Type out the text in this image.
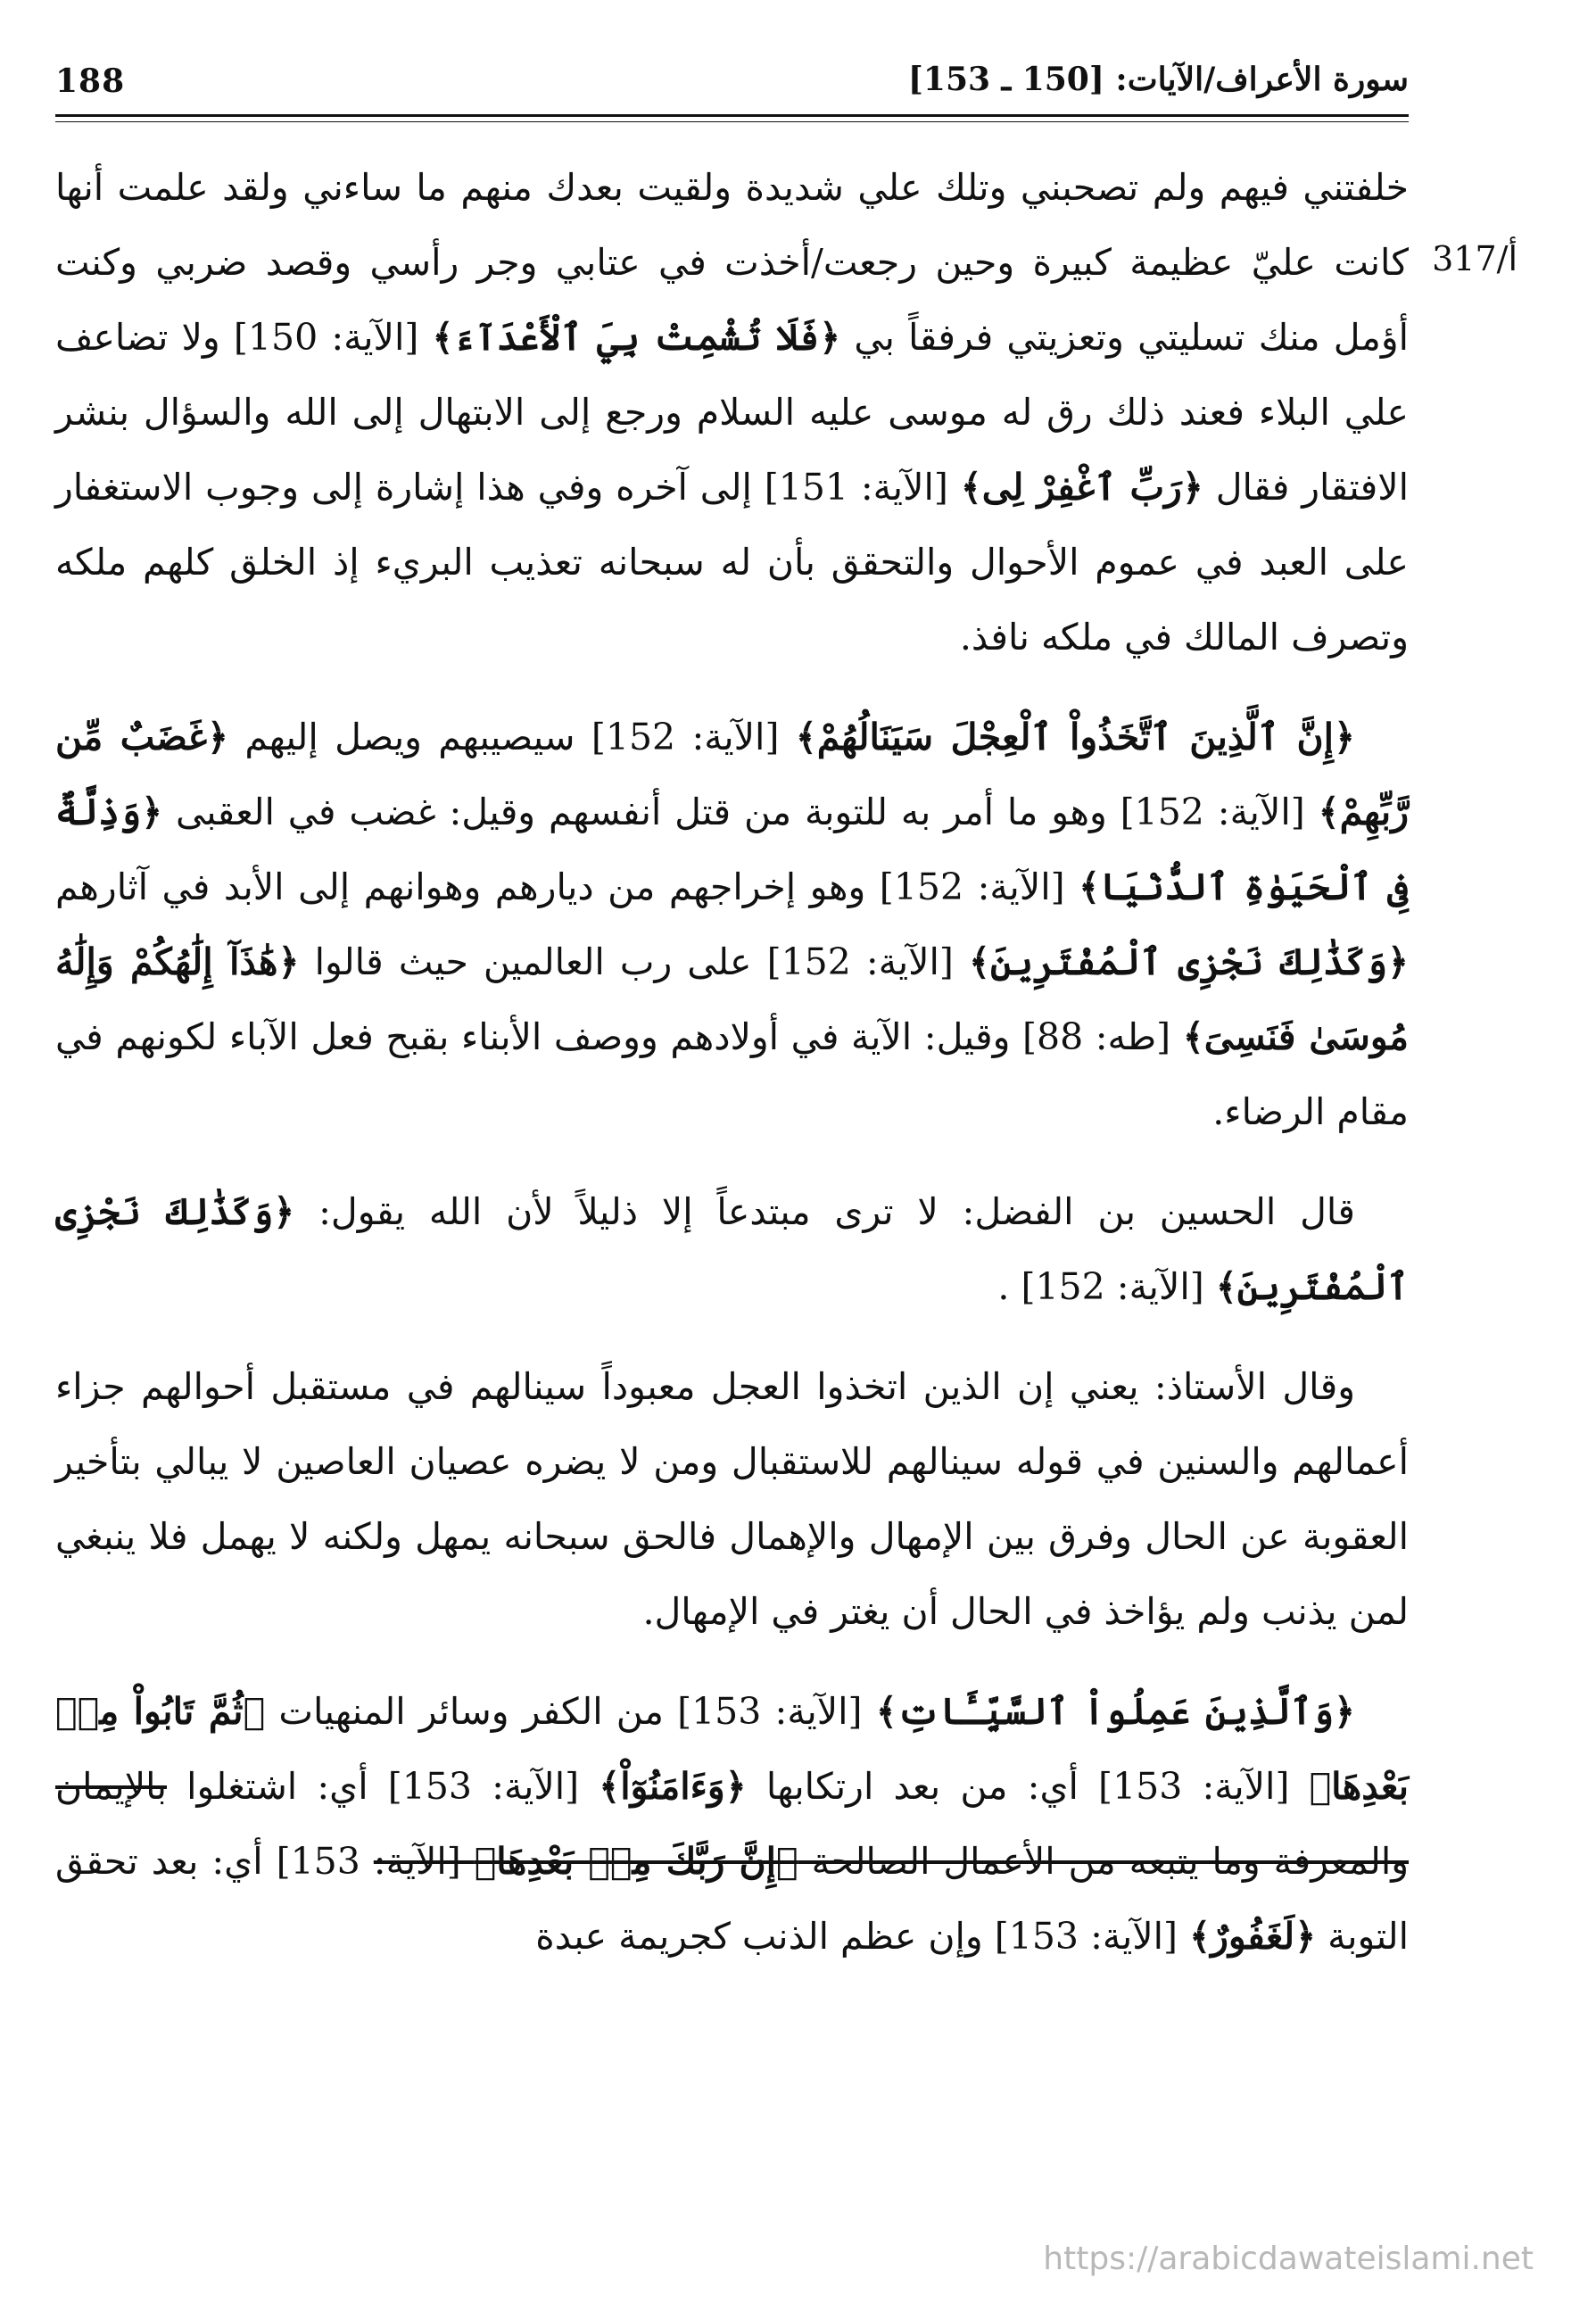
188	سورة الأعراف/الآيات: [150 ـ 153]
317/أ

خلفتني فيهم ولم تصحبني وتلك علي شديدة ولقيت بعدك منهم ما ساءني ولقد علمت أنها كانت عليّ عظيمة كبيرة وحين رجعت/أخذت في عتابي وجر رأسي وقصد ضربي وكنت أؤمل منك تسليتي وتعزيتي فرفقاً بي ﴿فَلَا تُشْمِتْ بِيَ ٱلْأَعْدَآءَ﴾ [الآية: 150] ولا تضاعف علي البلاء فعند ذلك رق له موسى عليه السلام ورجع إلى الابتهال إلى الله والسؤال بنشر الافتقار فقال ﴿رَبِّ ٱغْفِرْ لِى﴾ [الآية: 151] إلى آخره وفي هذا إشارة إلى وجوب الاستغفار على العبد في عموم الأحوال والتحقق بأن له سبحانه تعذيب البريء إذ الخلق كلهم ملكه وتصرف المالك في ملكه نافذ.

﴿إِنَّ ٱلَّذِينَ ٱتَّخَذُواْ ٱلْعِجْلَ سَيَنَالُهُمْ﴾ [الآية: 152] سيصيبهم ويصل إليهم ﴿غَضَبٌ مِّن رَّبِّهِمْ﴾ [الآية: 152] وهو ما أمر به للتوبة من قتل أنفسهم وقيل: غضب في العقبى ﴿وَذِلَّةٌ فِى ٱلْحَيَوٰةِ ٱلدُّنْيَا﴾ [الآية: 152] وهو إخراجهم من ديارهم وهوانهم إلى الأبد في آثارهم ﴿وَكَذَٰلِكَ نَجْزِى ٱلْمُفْتَرِينَ﴾ [الآية: 152] على رب العالمين حيث قالوا ﴿هَٰذَآ إِلَٰهُكُمْ وَإِلَٰهُ مُوسَىٰ فَنَسِىَ﴾ [طه: 88] وقيل: الآية في أولادهم ووصف الأبناء بقبح فعل الآباء لكونهم في مقام الرضاء.

قال الحسين بن الفضل: لا ترى مبتدعاً إلا ذليلاً لأن الله يقول: ﴿وَكَذَٰلِكَ نَجْزِى ٱلْمُفْتَرِينَ﴾ [الآية: 152] .

وقال الأستاذ: يعني إن الذين اتخذوا العجل معبوداً سينالهم في مستقبل أحوالهم جزاء أعمالهم والسنين في قوله سينالهم للاستقبال ومن لا يضره عصيان العاصين لا يبالي بتأخير العقوبة عن الحال وفرق بين الإمهال والإهمال فالحق سبحانه يمهل ولكنه لا يهمل فلا ينبغي لمن يذنب ولم يؤاخذ في الحال أن يغتر في الإمهال.

﴿وَٱلَّذِينَ عَمِلُواْ ٱلسَّيِّـَٔاتِ﴾ [الآية: 153] من الكفر وسائر المنهيات ﴿ثُمَّ تَابُواْ مِنۢ بَعْدِهَا﴾ [الآية: 153] أي: من بعد ارتكابها ﴿وَءَامَنُوٓاْ﴾ [الآية: 153] أي: اشتغلوا بالإيمان والمعرفة وما يتبعه من الأعمال الصالحة ﴿إِنَّ رَبَّكَ مِنۢ بَعْدِهَا﴾ [الآية: 153] أي: بعد تحقق التوبة ﴿لَغَفُورٌ﴾ [الآية: 153] وإن عظم الذنب كجريمة عبدة

https://arabicdawateislami.net
